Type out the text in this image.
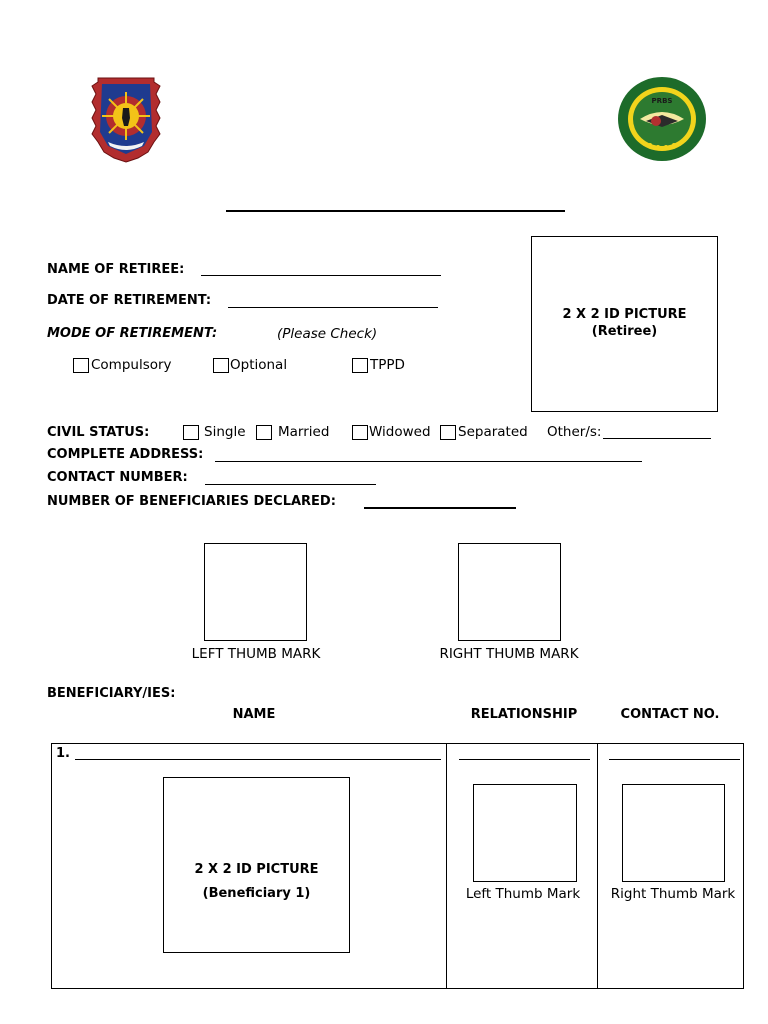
PRBS
2 X 2 ID PICTURE
(Retiree)
NAME OF RETIREE:
DATE OF RETIREMENT:
MODE OF RETIREMENT:	(Please Check)
Compulsory	Optional	TPPD
CIVIL STATUS:	Single Married	Widowed Separated Other/s:
COMPLETE ADDRESS:
CONTACT NUMBER:
NUMBER OF BENEFICIARIES DECLARED:
LEFT THUMB MARK	RIGHT THUMB MARK
BENEFICIARY/IES:
NAME	RELATIONSHIP	CONTACT NO.
1.
2 X 2 ID PICTURE
(Beneficiary 1)	Left Thumb Mark	Right Thumb Mark
